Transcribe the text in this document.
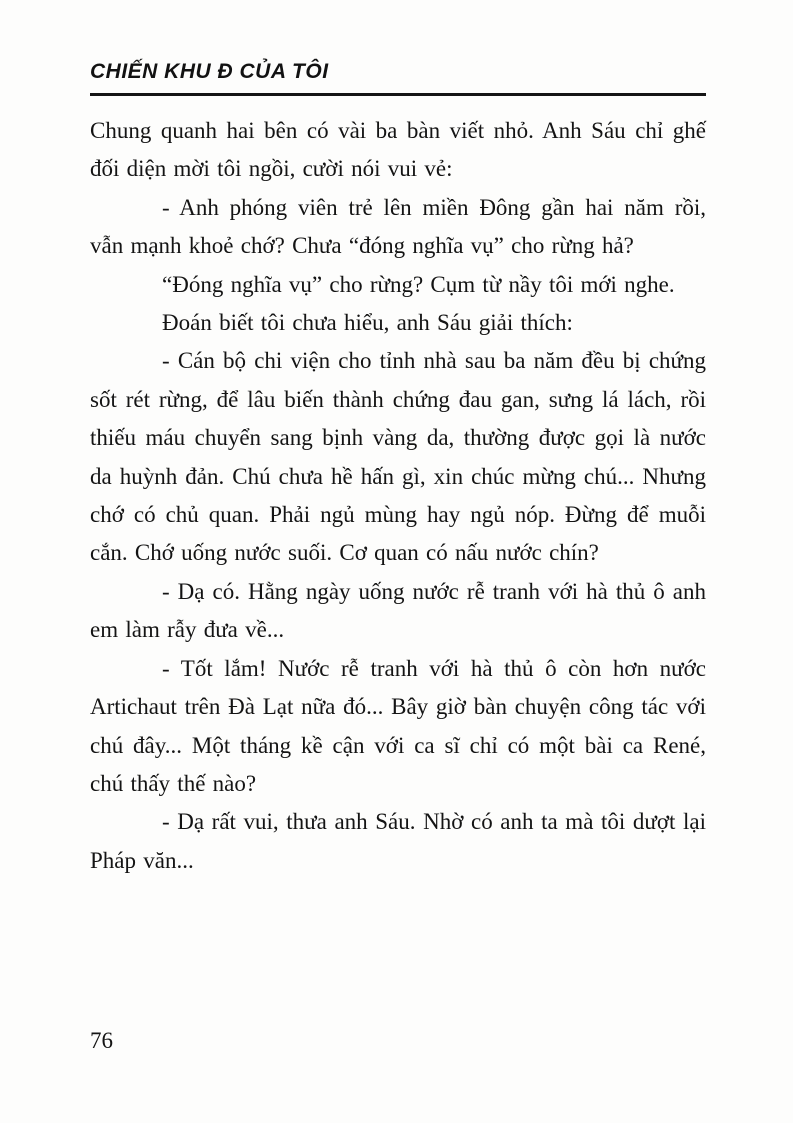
CHIẾN KHU Đ CỦA TÔI

Chung quanh hai bên có vài ba bàn viết nhỏ. Anh Sáu chỉ ghế đối diện mời tôi ngồi, cười nói vui vẻ:

- Anh phóng viên trẻ lên miền Đông gần hai năm rồi, vẫn mạnh khoẻ chớ? Chưa “đóng nghĩa vụ” cho rừng hả?

“Đóng nghĩa vụ” cho rừng? Cụm từ nầy tôi mới nghe.

Đoán biết tôi chưa hiểu, anh Sáu giải thích:

- Cán bộ chi viện cho tỉnh nhà sau ba năm đều bị chứng sốt rét rừng, để lâu biến thành chứng đau gan, sưng lá lách, rồi thiếu máu chuyển sang bịnh vàng da, thường được gọi là nước da huỳnh đản. Chú chưa hề hấn gì, xin chúc mừng chú... Nhưng chớ có chủ quan. Phải ngủ mùng hay ngủ nóp. Đừng để muỗi cắn. Chớ uống nước suối. Cơ quan có nấu nước chín?

- Dạ có. Hằng ngày uống nước rễ tranh với hà thủ ô anh em làm rẫy đưa về...

- Tốt lắm! Nước rễ tranh với hà thủ ô còn hơn nước Artichaut trên Đà Lạt nữa đó... Bây giờ bàn chuyện công tác với chú đây... Một tháng kề cận với ca sĩ chỉ có một bài ca René, chú thấy thế nào?

- Dạ rất vui, thưa anh Sáu. Nhờ có anh ta mà tôi dượt lại Pháp văn...

76
